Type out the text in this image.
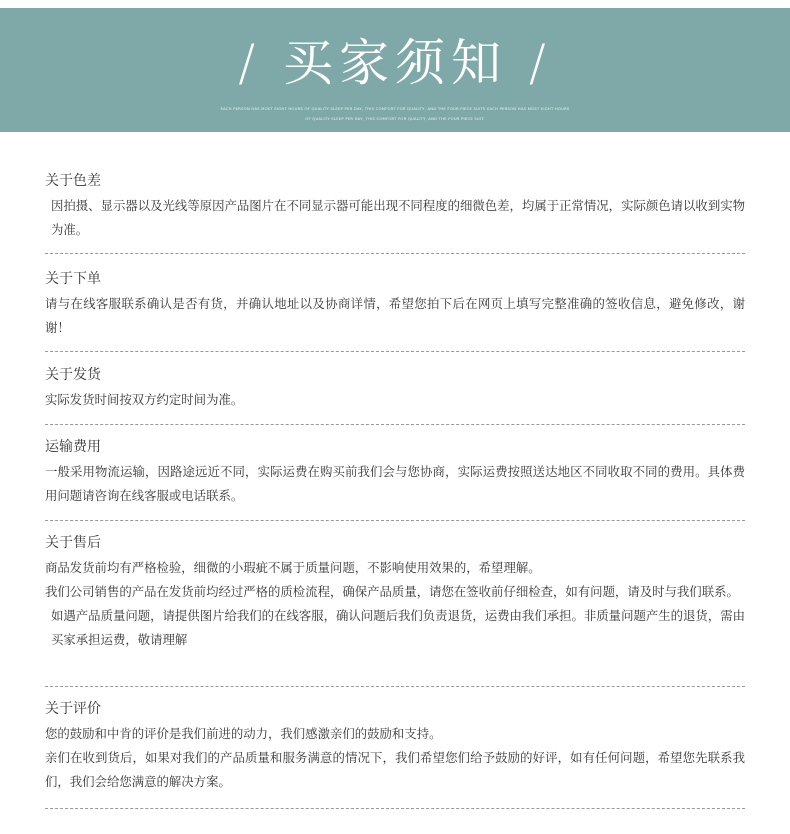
/ 买家须知 /
EACH PERSON HAS MOST EIGHT HOURS OF QUALITY SLEEP PER DAY, THIS COMFORT FOR QUALITY, AND THE FOUR PIECE SUITS EACH PERSON HAS MOST EIGHT HOURS
OF QUALITY SLEEP PER DAY, THIS COMFORT FOR QUALITY, AND THE FOUR PIECE SUIT.
关于色差

因拍摄、显示器以及光线等原因产品图片在不同显示器可能出现不同程度的细微色差，均属于正常情况，实际颜色请以收到实物为准。

关于下单

请与在线客服联系确认是否有货，并确认地址以及协商详情，希望您拍下后在网页上填写完整准确的签收信息，避免修改，谢谢！

关于发货

实际发货时间按双方约定时间为准。

运输费用

一般采用物流运输，因路途远近不同，实际运费在购买前我们会与您协商，实际运费按照送达地区不同收取不同的费用。具体费用问题请咨询在线客服或电话联系。

关于售后

商品发货前均有严格检验，细微的小瑕疵不属于质量问题，不影响使用效果的，希望理解。

我们公司销售的产品在发货前均经过严格的质检流程，确保产品质量，请您在签收前仔细检查，如有问题，请及时与我们联系。

如遇产品质量问题，请提供图片给我们的在线客服，确认问题后我们负责退货，运费由我们承担。非质量问题产生的退货，需由买家承担运费，敬请理解

关于评价

您的鼓励和中肯的评价是我们前进的动力，我们感激亲们的鼓励和支持。

亲们在收到货后，如果对我们的产品质量和服务满意的情况下，我们希望您们给予鼓励的好评，如有任何问题，希望您先联系我们，我们会给您满意的解决方案。
